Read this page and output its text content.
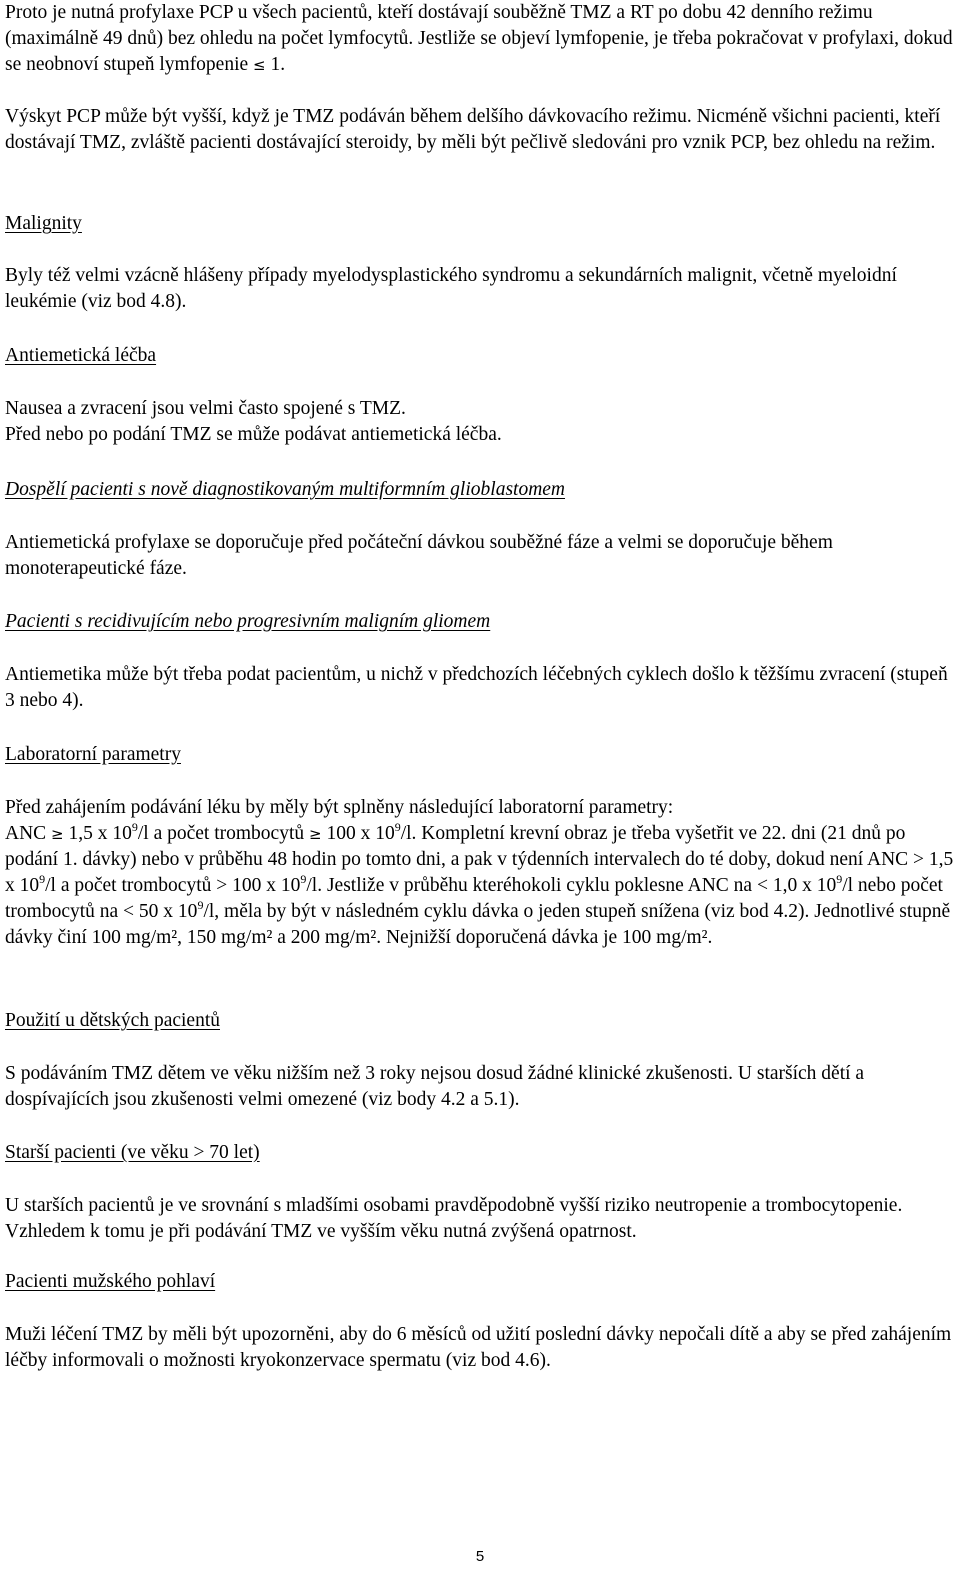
Proto je nutná profylaxe PCP u všech pacientů, kteří dostávají souběžně TMZ a RT po dobu 42 denního režimu (maximálně 49 dnů) bez ohledu na počet lymfocytů. Jestliže se objeví lymfopenie, je třeba pokračovat v profylaxi, dokud se neobnoví stupeň lymfopenie ≤ 1.

Výskyt PCP může být vyšší, když je TMZ podáván během delšího dávkovacího režimu. Nicméně všichni pacienti, kteří dostávají TMZ, zvláště pacienti dostávající steroidy, by měli být pečlivě sledováni pro vznik PCP, bez ohledu na režim.

Malignity

Byly též velmi vzácně hlášeny případy myelodysplastického syndromu a sekundárních malignit, včetně myeloidní leukémie (viz bod 4.8).

Antiemetická léčba

Nausea a zvracení jsou velmi často spojené s TMZ.

Před nebo po podání TMZ se může podávat antiemetická léčba.

Dospělí pacienti s nově diagnostikovaným multiformním glioblastomem

Antiemetická profylaxe se doporučuje před počáteční dávkou souběžné fáze a velmi se doporučuje během monoterapeutické fáze.

Pacienti s recidivujícím nebo progresivním maligním gliomem

Antiemetika může být třeba podat pacientům, u nichž v předchozích léčebných cyklech došlo k těžšímu zvracení (stupeň 3 nebo 4).

Laboratorní parametry

Před zahájením podávání léku by měly být splněny následující laboratorní parametry:

ANC ≥ 1,5 x $10^9/l$ a počet trombocytů ≥ 100 x $10^9/l$. Kompletní krevní obraz je třeba vyšetřit ve 22. dni (21 dnů po podání 1. dávky) nebo v průběhu 48 hodin po tomto dni, a pak v týdenních intervalech do té doby, dokud není ANC > 1,5 x $10^9/l$ a počet trombocytů > 100 x $10^9/l$. Jestliže v průběhu kteréhokoli cyklu poklesne ANC na < 1,0 x $10^9/l$ nebo počet trombocytů na < 50 x $10^9/l$, měla by být v následném cyklu dávka o jeden stupeň snížena (viz bod 4.2). Jednotlivé stupně dávky činí 100 mg/m², 150 mg/m² a 200 mg/m². Nejnižší doporučená dávka je 100 mg/m².

Použití u dětských pacientů

S podáváním TMZ dětem ve věku nižším než 3 roky nejsou dosud žádné klinické zkušenosti. U starších dětí a dospívajících jsou zkušenosti velmi omezené (viz body 4.2 a 5.1).

Starší pacienti (ve věku > 70 let)

U starších pacientů je ve srovnání s mladšími osobami pravděpodobně vyšší riziko neutropenie a trombocytopenie. Vzhledem k tomu je při podávání TMZ ve vyšším věku nutná zvýšená opatrnost.

Pacienti mužského pohlaví

Muži léčení TMZ by měli být upozorněni, aby do 6 měsíců od užití poslední dávky nepočali dítě a aby se před zahájením léčby informovali o možnosti kryokonzervace spermatu (viz bod 4.6).

5
